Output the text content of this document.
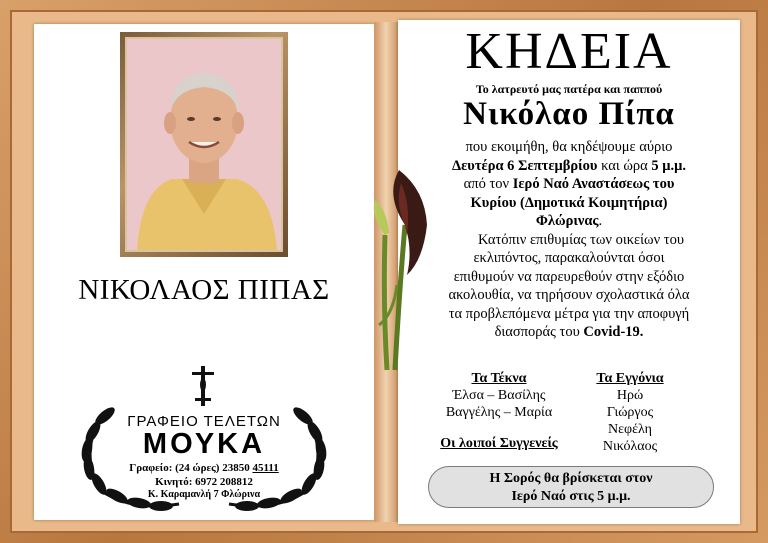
ΝΙΚΟΛΑΟΣ ΠΙΠΑΣ
ΓΡΑΦΕΙΟ ΤΕΛΕΤΩΝ
ΜΟΥΚΑ
Γραφείο: (24 ώρες) 23850 45111
Κινητό: 6972 208812
Κ. Καραμανλή 7 Φλώρινα
ΚΗΔΕΙΑ
Το λατρευτό μας πατέρα και παππού
Νικόλαο Πίπα
που εκοιμήθη, θα κηδέψουμε αύριο
Δευτέρα 6 Σεπτεμβρίου και ώρα 5 μ.μ.
από τον Ιερό Ναό Αναστάσεως του
Κυρίου (Δημοτικά Κοιμητήρια)
Φλώρινας.
Κατόπιν επιθυμίας των οικείων του
εκλιπόντος, παρακαλούνται όσοι
επιθυμούν να παρευρεθούν στην εξόδιο
ακολουθία, να τηρήσουν σχολαστικά όλα
τα προβλεπόμενα μέτρα για την αποφυγή
διασποράς του Covid-19.
Τα Τέκνα
Έλσα – Βασίλης
Βαγγέλης – Μαρία
Τα Εγγόνια
Ηρώ
Γιώργος
Νεφέλη
Νικόλαος
Οι λοιποί Συγγενείς
Η Σορός θα βρίσκεται στον
Ιερό Ναό στις 5 μ.μ.
